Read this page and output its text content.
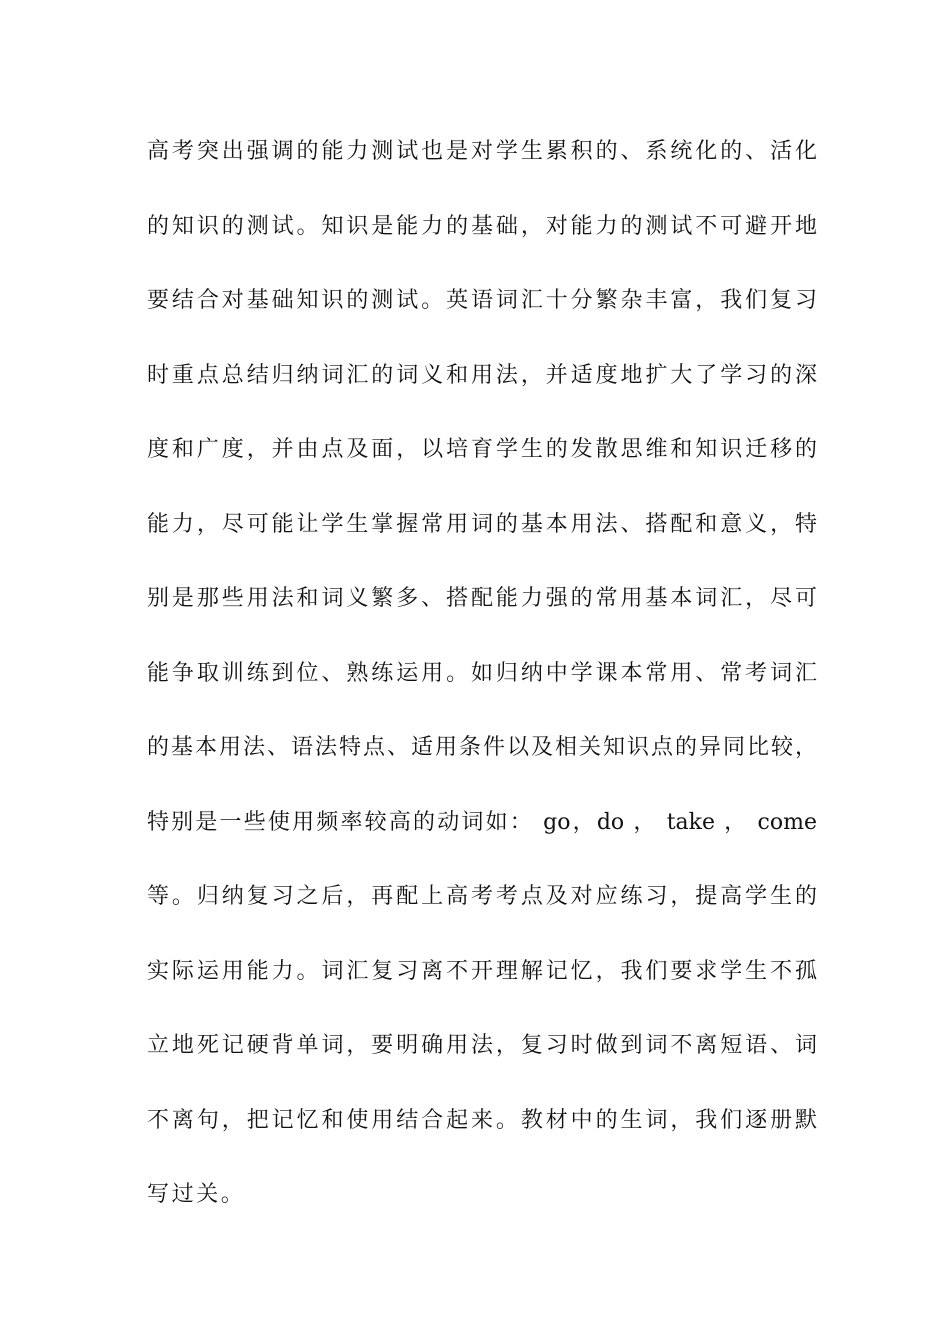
高考突出强调的能力测试也是对学生累积的、系统化的、活化
的知识的测试。知识是能力的基础，对能力的测试不可避开地
要结合对基础知识的测试。英语词汇十分繁杂丰富，我们复习
时重点总结归纳词汇的词义和用法，并适度地扩大了学习的深
度和广度，并由点及面，以培育学生的发散思维和知识迁移的
能力，尽可能让学生掌握常用词的基本用法、搭配和意义，特
别是那些用法和词义繁多、搭配能力强的常用基本词汇，尽可
能争取训练到位、熟练运用。如归纳中学课本常用、常考词汇
的基本用法、语法特点、适用条件以及相关知识点的异同比较，
特别是一些使用频率较高的动词如： go，do ， take ， come
等。归纳复习之后，再配上高考考点及对应练习，提高学生的
实际运用能力。词汇复习离不开理解记忆，我们要求学生不孤
立地死记硬背单词，要明确用法，复习时做到词不离短语、词
不离句，把记忆和使用结合起来。教材中的生词，我们逐册默
写过关。
